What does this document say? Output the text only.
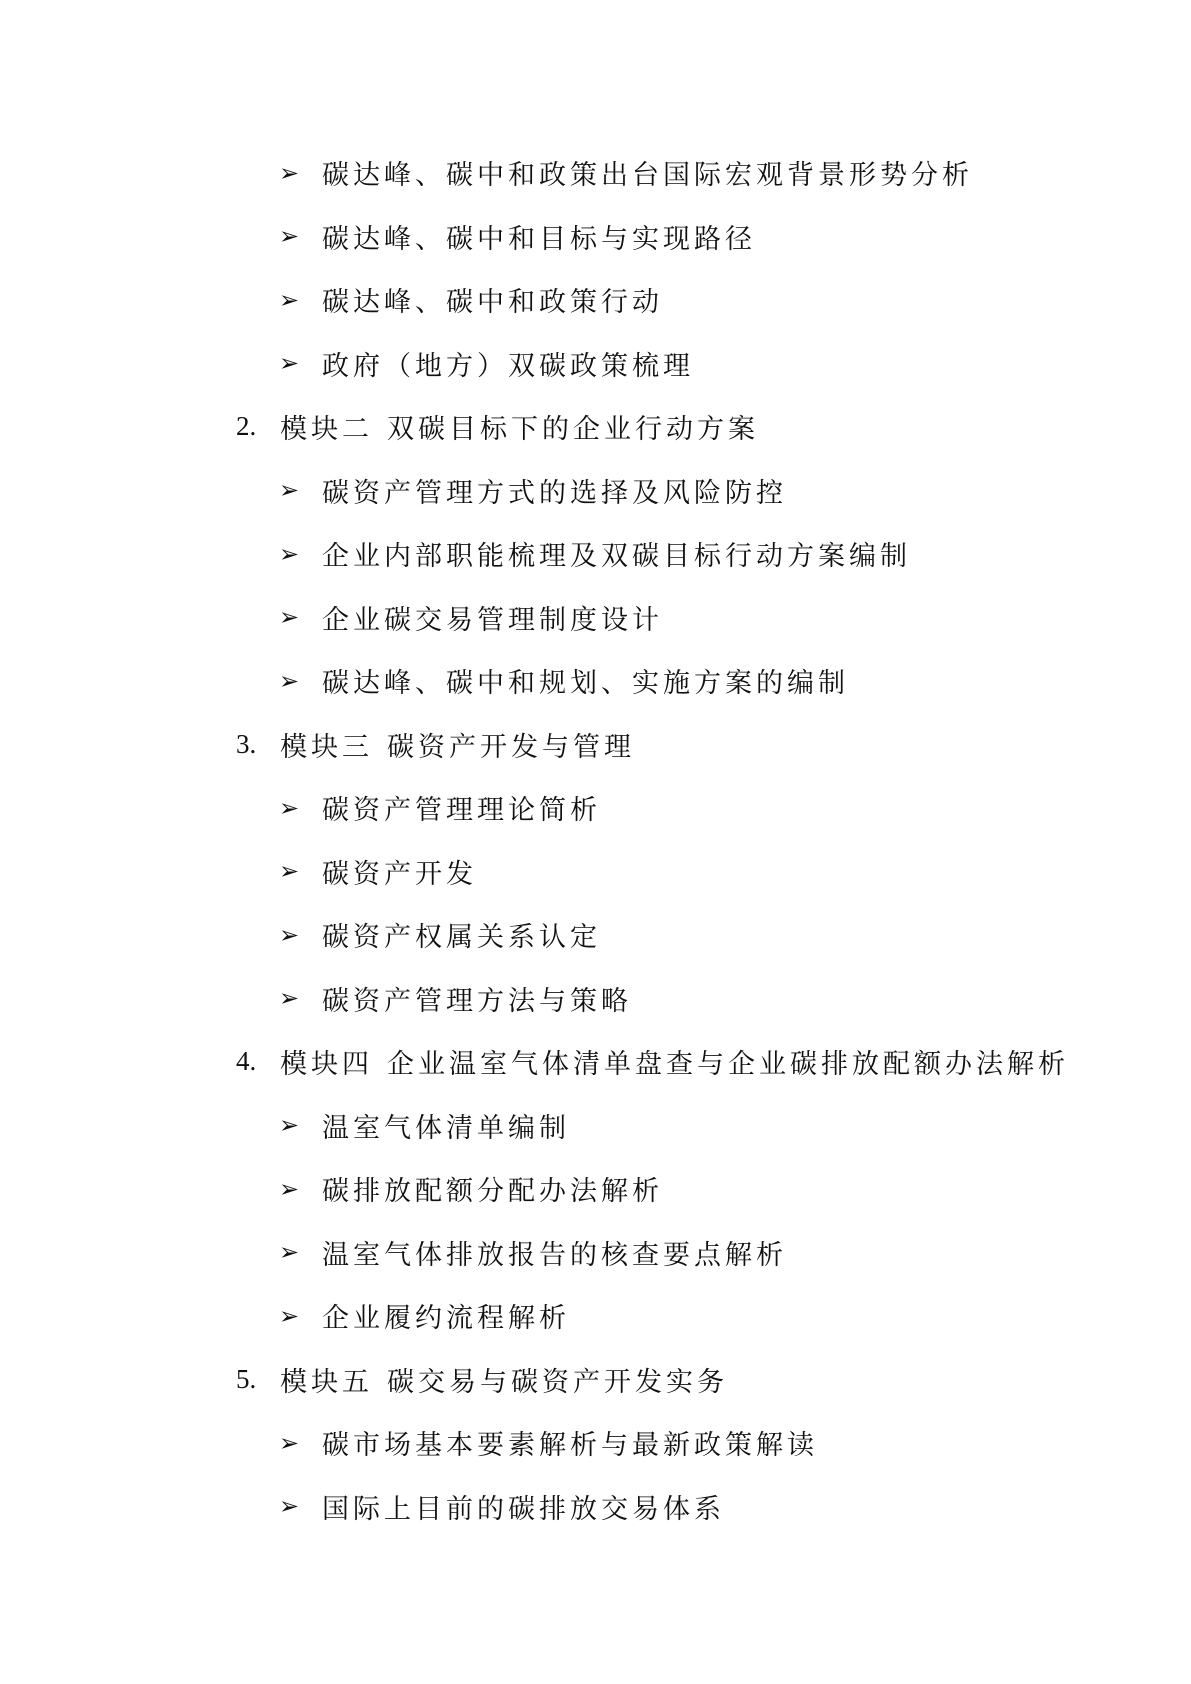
➢ 碳达峰、碳中和政策出台国际宏观背景形势分析
➢ 碳达峰、碳中和目标与实现路径
➢ 碳达峰、碳中和政策行动
➢ 政府（地方）双碳政策梳理
2. 模块二 双碳目标下的企业行动方案
➢ 碳资产管理方式的选择及风险防控
➢ 企业内部职能梳理及双碳目标行动方案编制
➢ 企业碳交易管理制度设计
➢ 碳达峰、碳中和规划、实施方案的编制
3. 模块三 碳资产开发与管理
➢ 碳资产管理理论简析
➢ 碳资产开发
➢ 碳资产权属关系认定
➢ 碳资产管理方法与策略
4. 模块四 企业温室气体清单盘查与企业碳排放配额办法解析
➢ 温室气体清单编制
➢ 碳排放配额分配办法解析
➢ 温室气体排放报告的核查要点解析
➢ 企业履约流程解析
5. 模块五 碳交易与碳资产开发实务
➢ 碳市场基本要素解析与最新政策解读
➢ 国际上目前的碳排放交易体系
